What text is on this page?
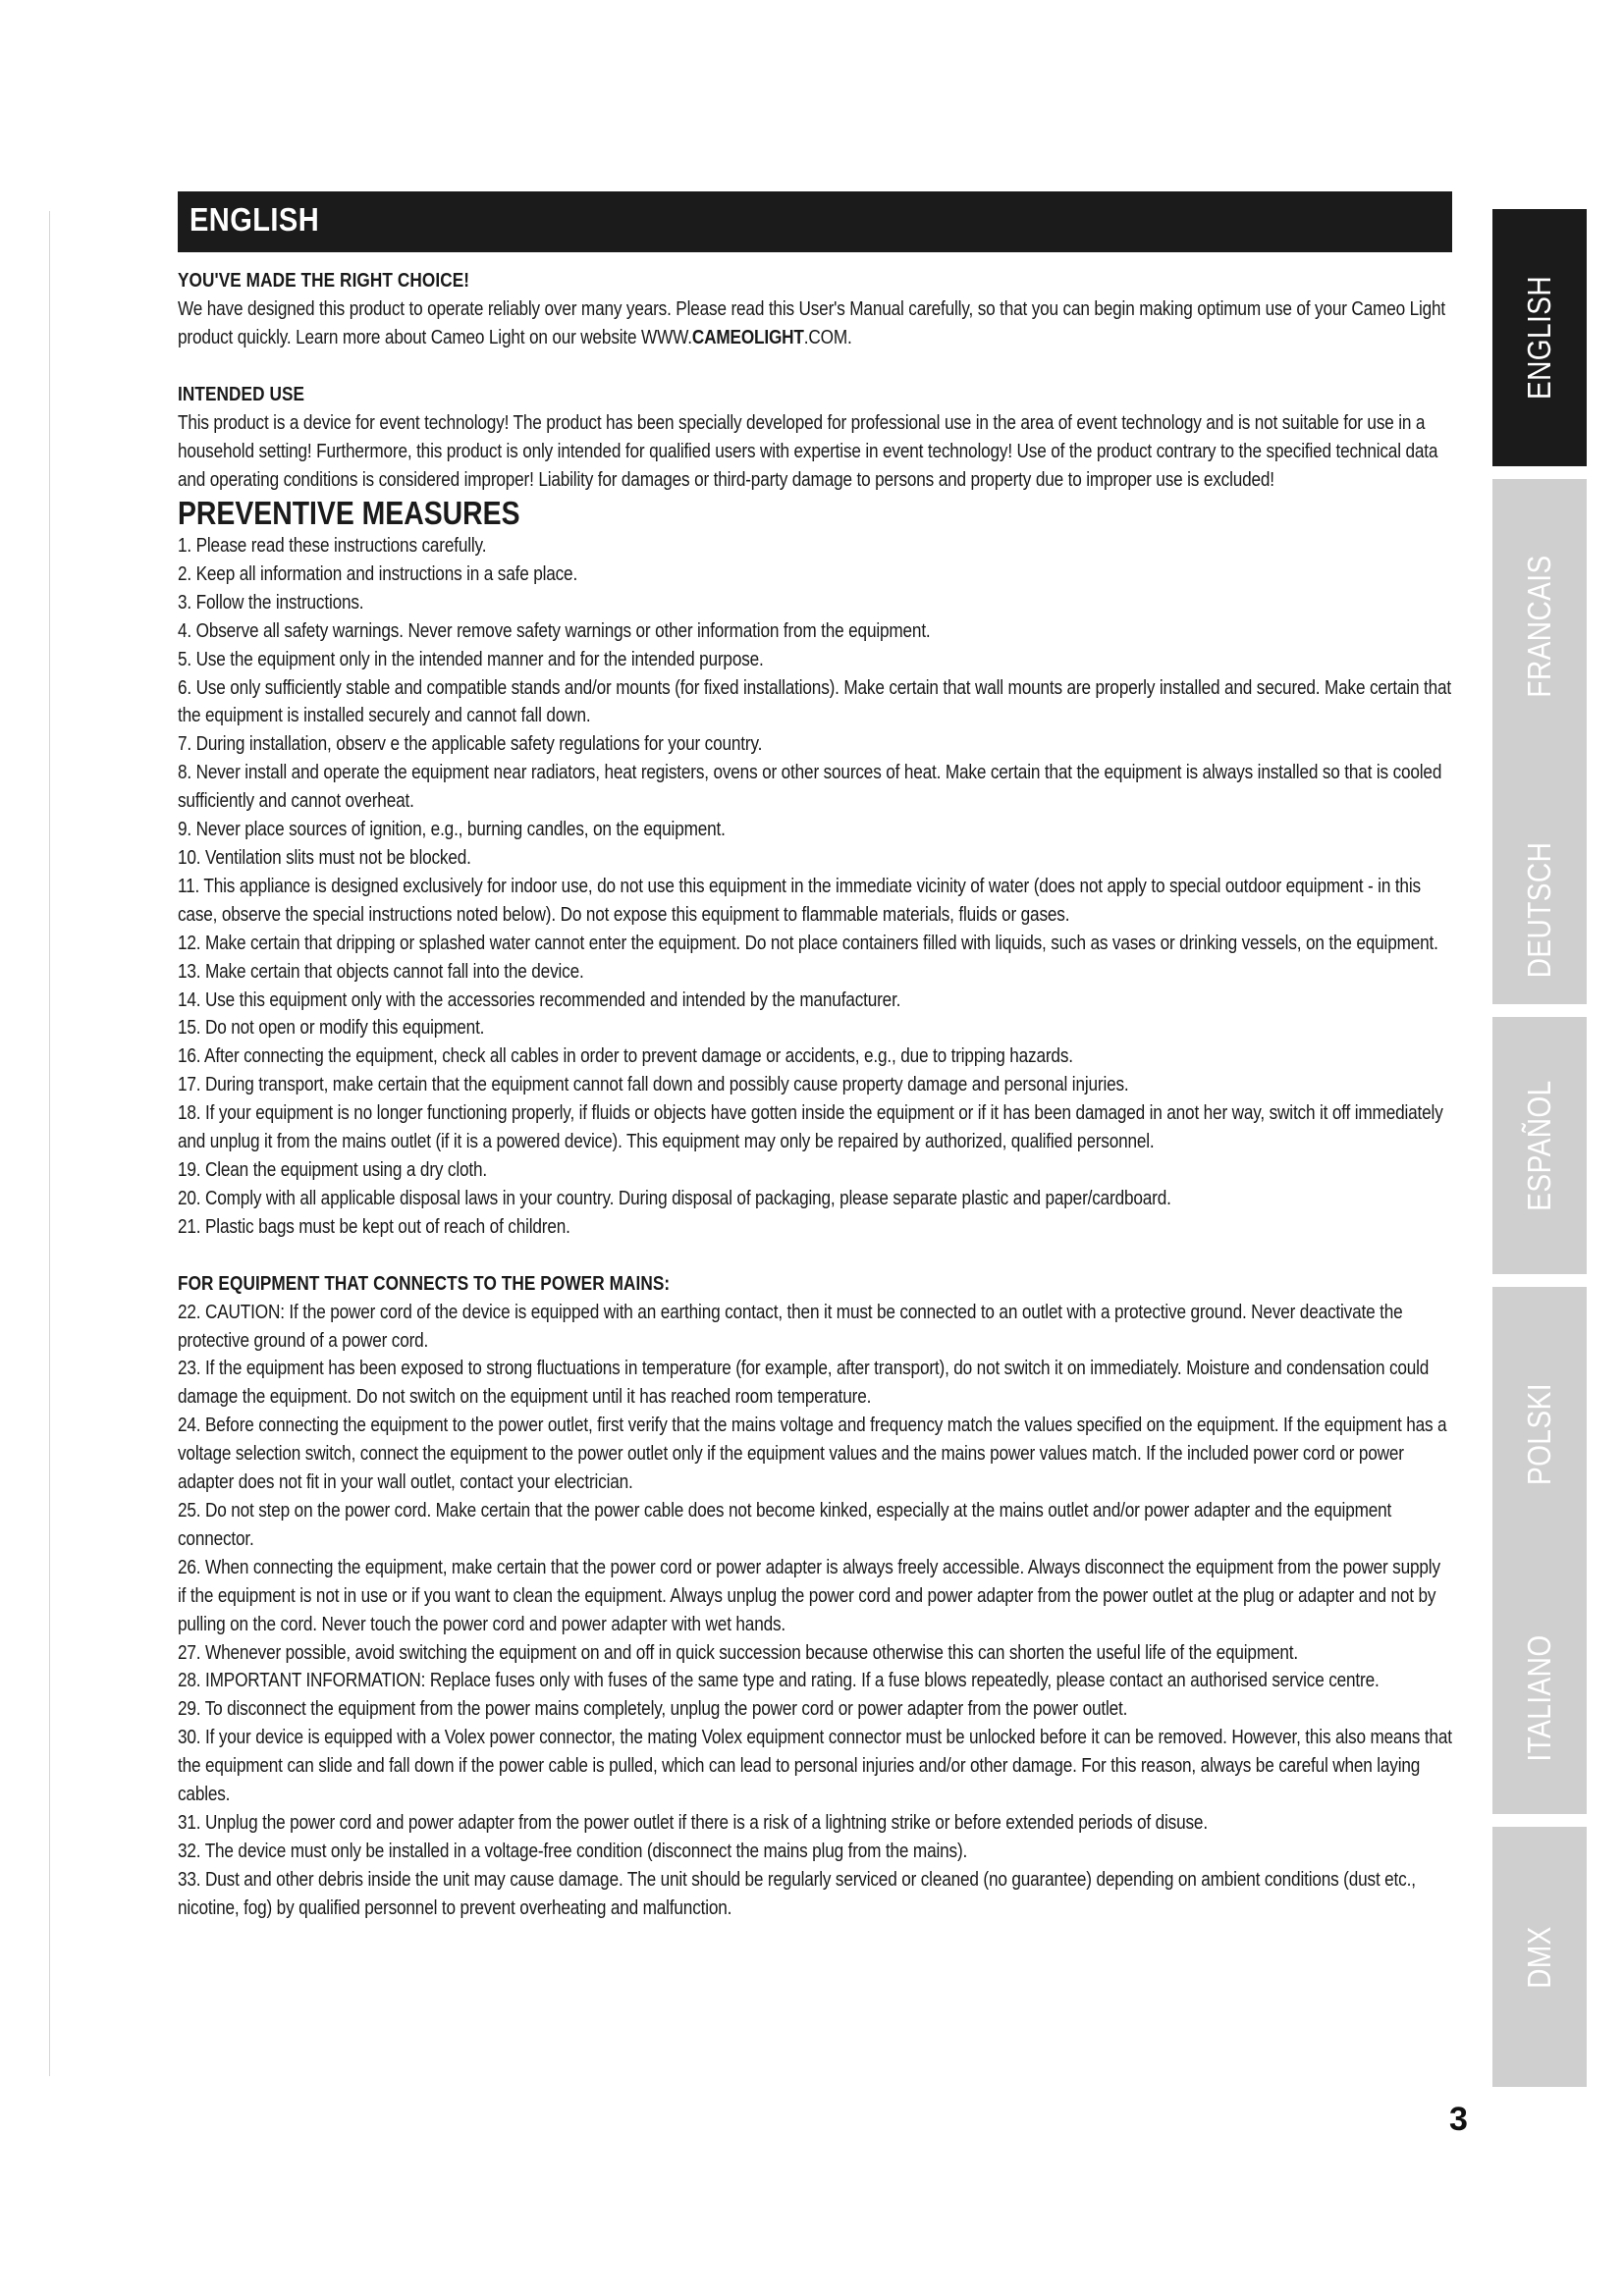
ENGLISH
YOU'VE MADE THE RIGHT CHOICE!

We have designed this product to operate reliably over many years. Please read this User's Manual carefully, so that you can begin making optimum use of your Cameo Light product quickly. Learn more about Cameo Light on our website WWW.CAMEOLIGHT.COM.

INTENDED USE

This product is a device for event technology! The product has been specially developed for professional use in the area of event technology and is not suitable for use in a household setting! Furthermore, this product is only intended for qualified users with expertise in event technology! Use of the product contrary to the specified technical data and operating conditions is considered improper! Liability for damages or third-party damage to persons and property due to improper use is excluded!

PREVENTIVE MEASURES
1. Please read these instructions carefully.
2. Keep all information and instructions in a safe place.
3. Follow the instructions.
4. Observe all safety warnings. Never remove safety warnings or other information from the equipment.
5. Use the equipment only in the intended manner and for the intended purpose.
6. Use only sufficiently stable and compatible stands and/or mounts (for fixed installations). Make certain that wall mounts are properly installed and secured. Make certain that the equipment is installed securely and cannot fall down.
7. During installation, observ e the applicable safety regulations for your country.
8. Never install and operate the equipment near radiators, heat registers, ovens or other sources of heat. Make certain that the equipment is always installed so that is cooled sufficiently and cannot overheat.
9. Never place sources of ignition, e.g., burning candles, on the equipment.
10. Ventilation slits must not be blocked.
11. This appliance is designed exclusively for indoor use, do not use this equipment in the immediate vicinity of water (does not apply to special outdoor equipment - in this case, observe the special instructions noted below). Do not expose this equipment to flammable materials, fluids or gases.
12. Make certain that dripping or splashed water cannot enter the equipment. Do not place containers filled with liquids, such as vases or drinking vessels, on the equipment.
13. Make certain that objects cannot fall into the device.
14. Use this equipment only with the accessories recommended and intended by the manufacturer.
15. Do not open or modify this equipment.
16. After connecting the equipment, check all cables in order to prevent damage or accidents, e.g., due to tripping hazards.
17. During transport, make certain that the equipment cannot fall down and possibly cause property damage and personal injuries.
18. If your equipment is no longer functioning properly, if fluids or objects have gotten inside the equipment or if it has been damaged in anot her way, switch it off immediately and unplug it from the mains outlet (if it is a powered device). This equipment may only be repaired by authorized, qualified personnel.
19. Clean the equipment using a dry cloth.
20. Comply with all applicable disposal laws in your country. During disposal of packaging, please separate plastic and paper/cardboard.
21. Plastic bags must be kept out of reach of children.
FOR EQUIPMENT THAT CONNECTS TO THE POWER MAINS:
22. CAUTION: If the power cord of the device is equipped with an earthing contact, then it must be connected to an outlet with a protective ground. Never deactivate the protective ground of a power cord.
23. If the equipment has been exposed to strong fluctuations in temperature (for example, after transport), do not switch it on immediately. Moisture and condensation could damage the equipment. Do not switch on the equipment until it has reached room temperature.
24. Before connecting the equipment to the power outlet, first verify that the mains voltage and frequency match the values specified on the equipment. If the equipment has a voltage selection switch, connect the equipment to the power outlet only if the equipment values and the mains power values match. If the included power cord or power adapter does not fit in your wall outlet, contact your electrician.
25. Do not step on the power cord. Make certain that the power cable does not become kinked, especially at the mains outlet and/or power adapter and the equipment connector.
26. When connecting the equipment, make certain that the power cord or power adapter is always freely accessible. Always disconnect the equipment from the power supply if the equipment is not in use or if you want to clean the equipment. Always unplug the power cord and power adapter from the power outlet at the plug or adapter and not by pulling on the cord. Never touch the power cord and power adapter with wet hands.
27. Whenever possible, avoid switching the equipment on and off in quick succession because otherwise this can shorten the useful life of the equipment.
28. IMPORTANT INFORMATION: Replace fuses only with fuses of the same type and rating. If a fuse blows repeatedly, please contact an authorised service centre.
29. To disconnect the equipment from the power mains completely, unplug the power cord or power adapter from the power outlet.
30. If your device is equipped with a Volex power connector, the mating Volex equipment connector must be unlocked before it can be removed. However, this also means that the equipment can slide and fall down if the power cable is pulled, which can lead to personal injuries and/or other damage. For this reason, always be careful when laying cables.
31. Unplug the power cord and power adapter from the power outlet if there is a risk of a lightning strike or before extended periods of disuse.
32. The device must only be installed in a voltage-free condition (disconnect the mains plug from the mains).
33. Dust and other debris inside the unit may cause damage. The unit should be regularly serviced or cleaned (no guarantee) depending on ambient conditions (dust etc., nicotine, fog) by qualified personnel to prevent overheating and malfunction.
ENGLISH
DEUTSCH
FRANCAIS
ESPAÑOL
ITALIANO
POLSKI
DMX
3
